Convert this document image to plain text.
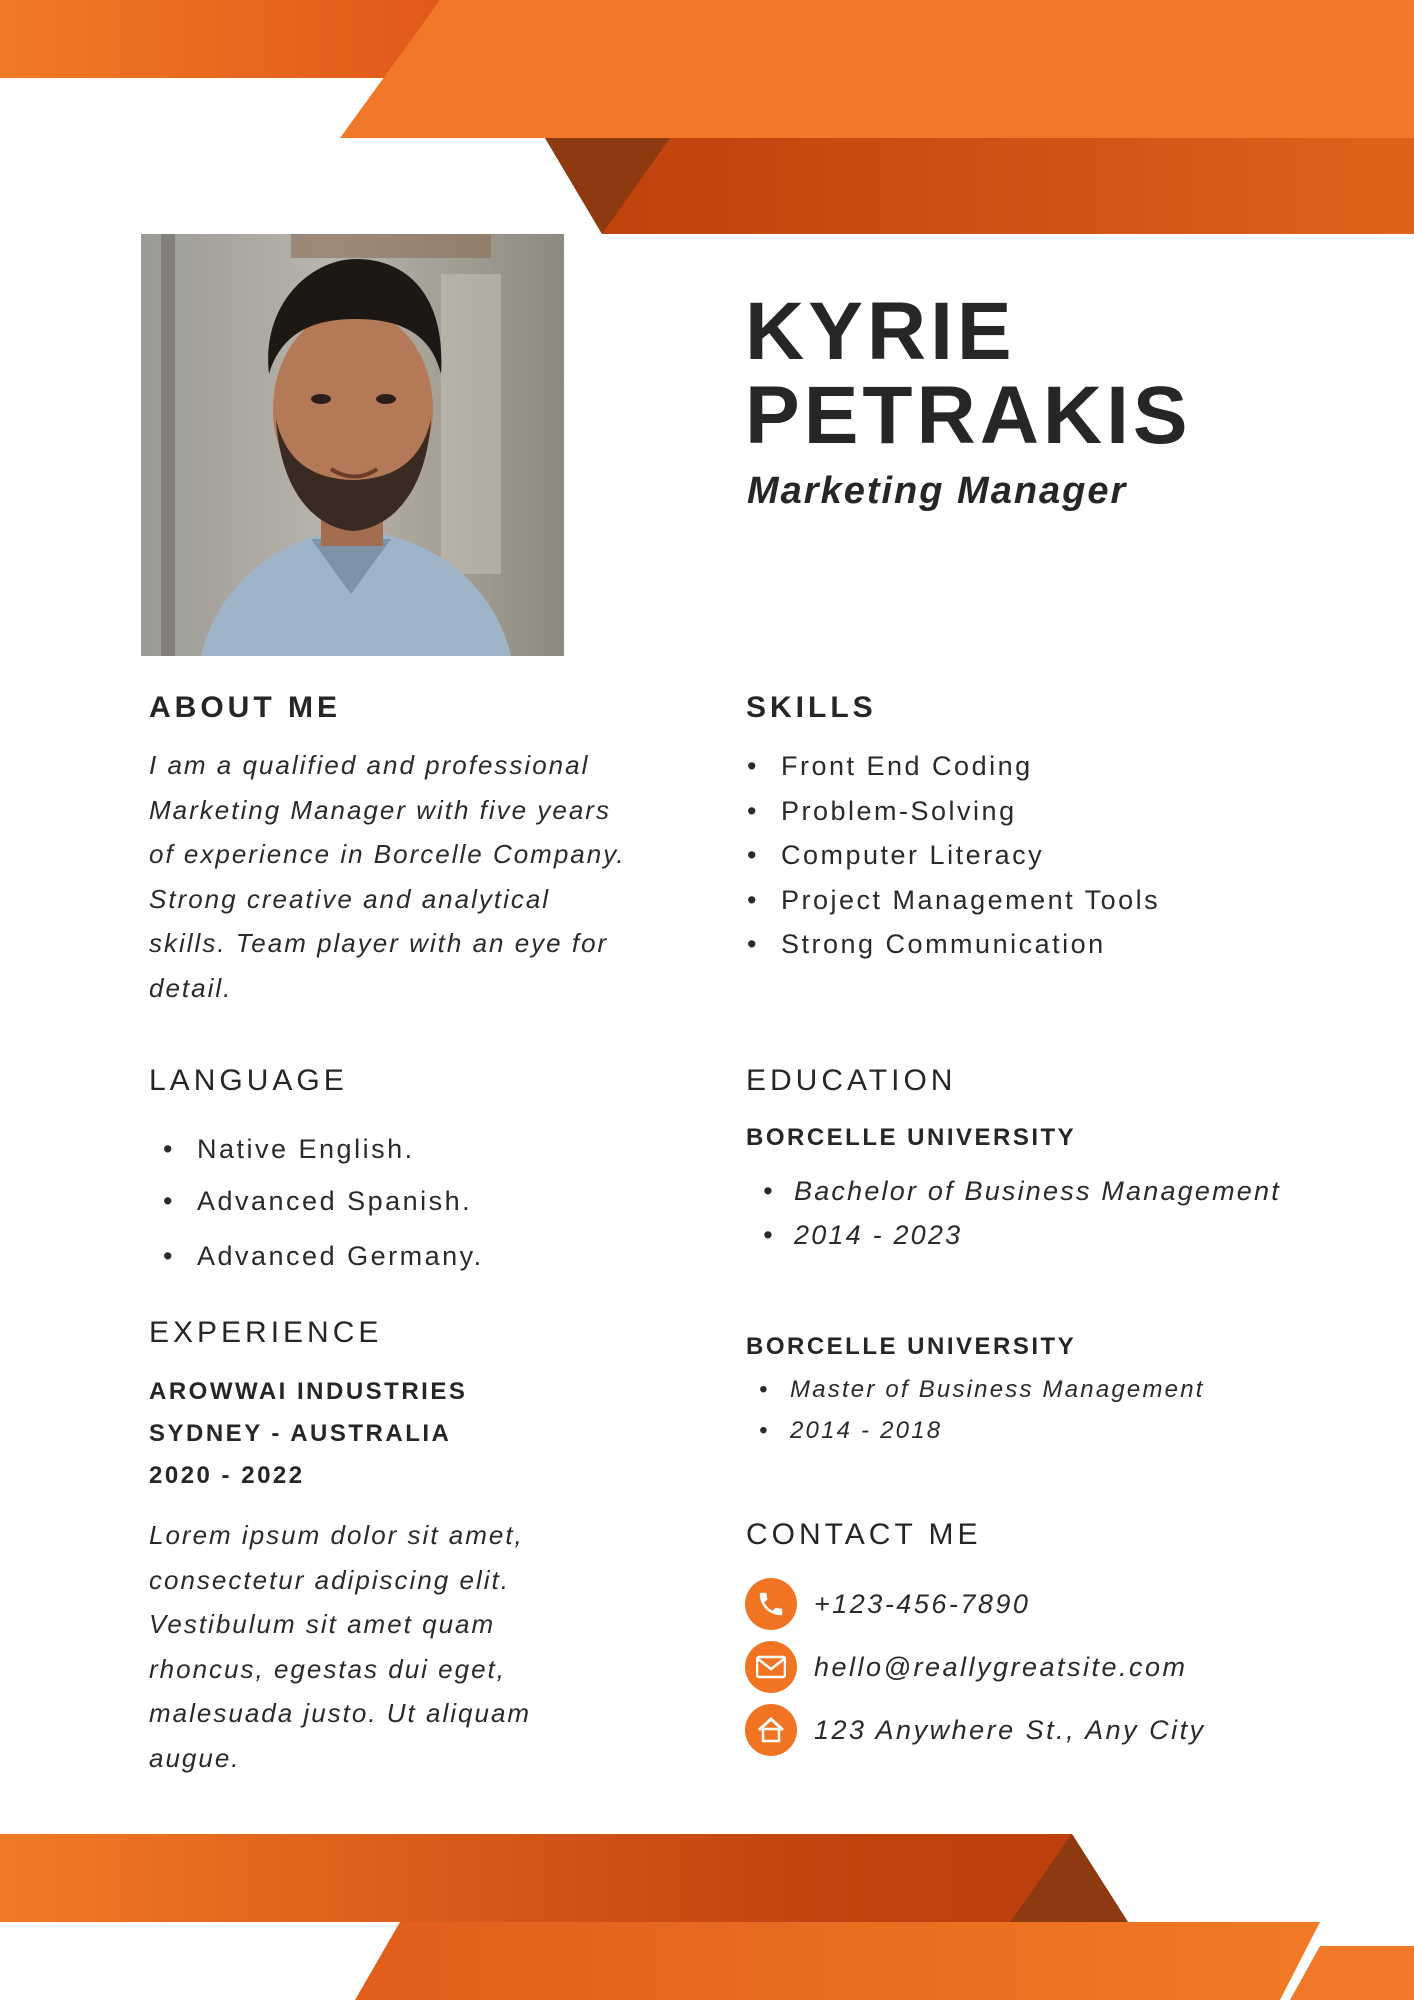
KYRIE
PETRAKIS
Marketing Manager
ABOUT ME
I am a qualified and professional
Marketing Manager with five years
of experience in Borcelle Company.
Strong creative and analytical
skills. Team player with an eye for
detail.
SKILLS
• Front End Coding
• Problem-Solving
• Computer Literacy
• Project Management Tools
• Strong Communication
LANGUAGE
• Native English.
• Advanced Spanish.
• Advanced Germany.
EDUCATION
BORCELLE UNIVERSITY
• Bachelor of Business Management
• 2014 - 2023
BORCELLE UNIVERSITY
• Master of Business Management
• 2014 - 2018
EXPERIENCE
AROWWAI INDUSTRIES
SYDNEY - AUSTRALIA
2020 - 2022
Lorem ipsum dolor sit amet,
consectetur adipiscing elit.
Vestibulum sit amet quam
rhoncus, egestas dui eget,
malesuada justo. Ut aliquam
augue.
CONTACT ME
+123-456-7890
hello@reallygreatsite.com
123 Anywhere St., Any City
